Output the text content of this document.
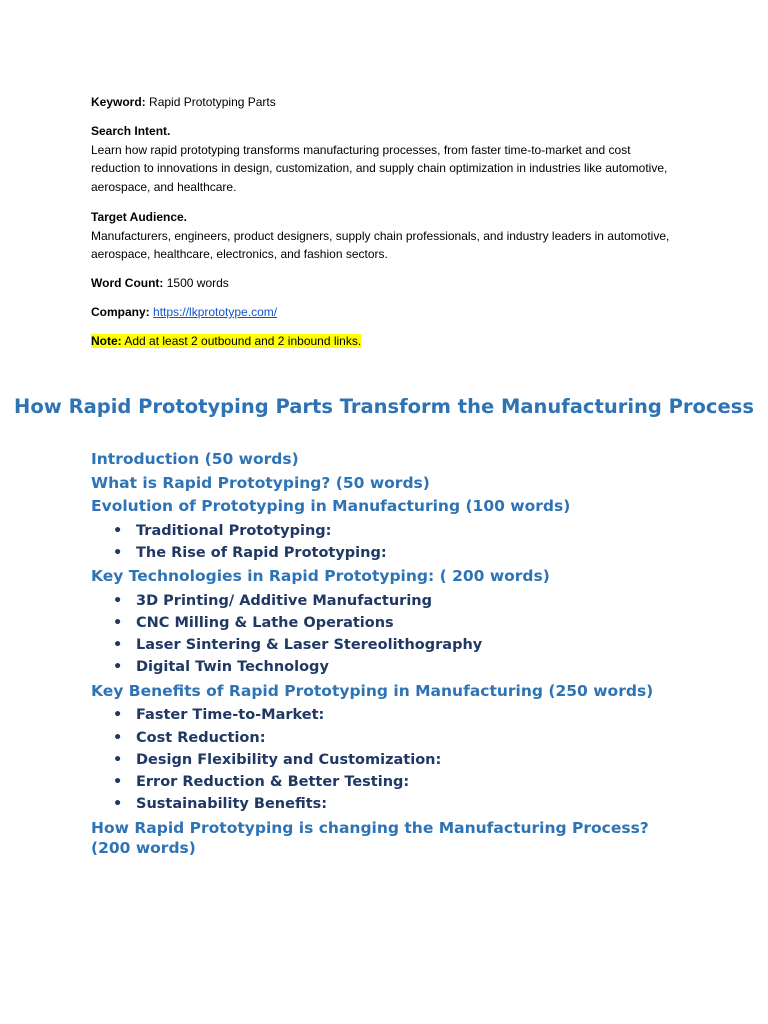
Keyword: Rapid Prototyping Parts

Search Intent.
Learn how rapid prototyping transforms manufacturing processes, from faster time-to-market and cost reduction to innovations in design, customization, and supply chain optimization in industries like automotive, aerospace, and healthcare.
Target Audience.
Manufacturers, engineers, product designers, supply chain professionals, and industry leaders in automotive, aerospace, healthcare, electronics, and fashion sectors.

Word Count: 1500 words

Company: https://lkprototype.com/

Note: Add at least 2 outbound and 2 inbound links.

How Rapid Prototyping Parts Transform the Manufacturing Process
Introduction (50 words)
What is Rapid Prototyping? (50 words)
Evolution of Prototyping in Manufacturing (100 words)
• Traditional Prototyping:
• The Rise of Rapid Prototyping:
Key Technologies in Rapid Prototyping: ( 200 words)
• 3D Printing/ Additive Manufacturing
• CNC Milling & Lathe Operations
• Laser Sintering & Laser Stereolithography
• Digital Twin Technology
Key Benefits of Rapid Prototyping in Manufacturing (250 words)
• Faster Time-to-Market:
• Cost Reduction:
• Design Flexibility and Customization:
• Error Reduction & Better Testing:
• Sustainability Benefits:
How Rapid Prototyping is changing the Manufacturing Process? (200 words)
